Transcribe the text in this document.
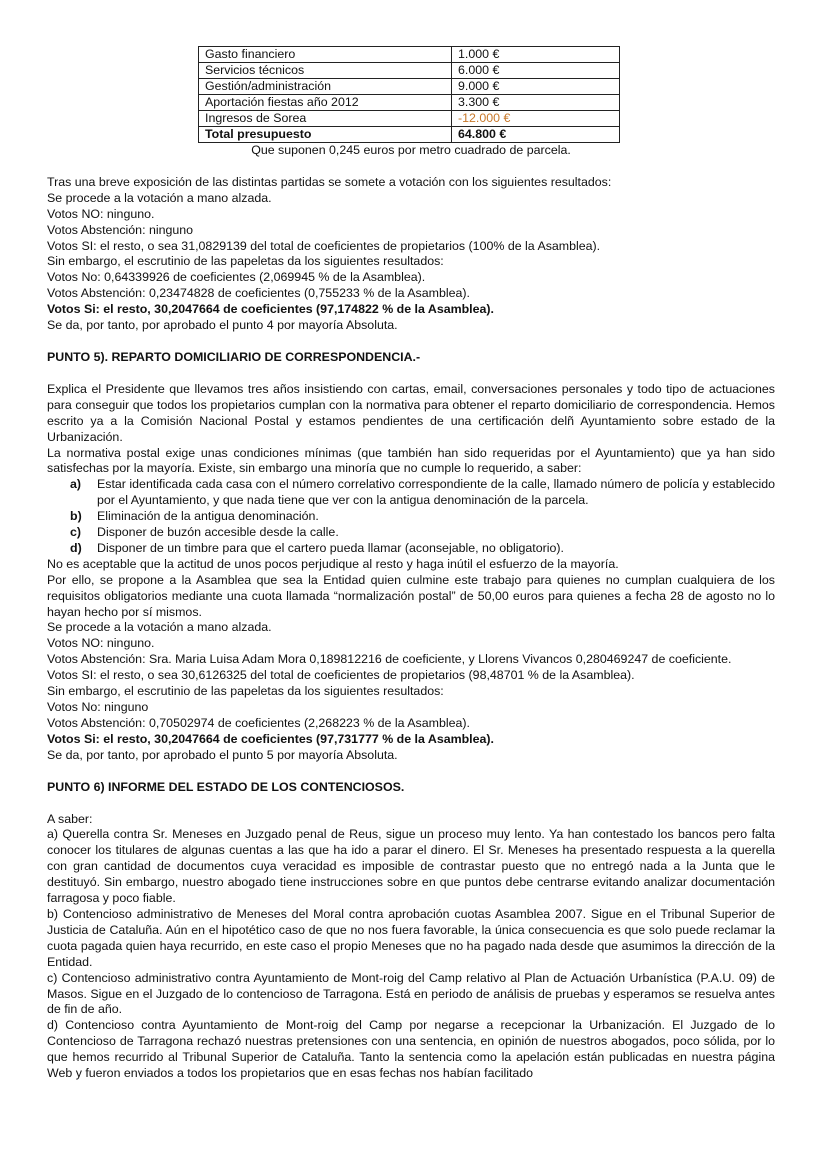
Gasto financiero	1.000 €
Servicios técnicos	6.000 €
Gestión/administración	9.000 €
Aportación fiestas año 2012	3.300 €
Ingresos de Sorea	-12.000 €
Total presupuesto	64.800 €

Que suponen 0,245 euros por metro cuadrado de parcela.

Tras una breve exposición de las distintas partidas se somete a votación con los siguientes resultados:

Se procede a la votación a mano alzada.

Votos NO: ninguno.

Votos Abstención: ninguno

Votos SI: el resto, o sea 31,0829139 del total de coeficientes de propietarios (100% de la Asamblea).

Sin embargo, el escrutinio de las papeletas da los siguientes resultados:

Votos No: 0,64339926 de coeficientes (2,069945 % de la Asamblea).

Votos Abstención: 0,23474828 de coeficientes (0,755233 % de la Asamblea).

Votos Si: el resto, 30,2047664 de coeficientes (97,174822 % de la Asamblea).

Se da, por tanto, por aprobado el punto 4 por mayoría Absoluta.

PUNTO 5). REPARTO DOMICILIARIO DE CORRESPONDENCIA.-

Explica el Presidente que llevamos tres años insistiendo con cartas, email, conversaciones personales y todo tipo de actuaciones para conseguir que todos los propietarios cumplan con la normativa para obtener el reparto domiciliario de correspondencia. Hemos escrito ya a la Comisión Nacional Postal y estamos pendientes de una certificación delñ Ayuntamiento sobre estado de la Urbanización.

La normativa postal exige unas condiciones mínimas (que también han sido requeridas por el Ayuntamiento) que ya han sido satisfechas por la mayoría. Existe, sin embargo una minoría que no cumple lo requerido, a saber:

a) Estar identificada cada casa con el número correlativo correspondiente de la calle, llamado número de policía y establecido por el Ayuntamiento, y que nada tiene que ver con la antigua denominación de la parcela.
b) Eliminación de la antigua denominación.
c) Disponer de buzón accesible desde la calle.
d) Disponer de un timbre para que el cartero pueda llamar (aconsejable, no obligatorio).

No es aceptable que la actitud de unos pocos perjudique al resto y haga inútil el esfuerzo de la mayoría.

Por ello, se propone a la Asamblea que sea la Entidad quien culmine este trabajo para quienes no cumplan cualquiera de los requisitos obligatorios mediante una cuota llamada “normalización postal” de 50,00 euros para quienes a fecha 28 de agosto no lo hayan hecho por sí mismos.

Se procede a la votación a mano alzada.

Votos NO: ninguno.

Votos Abstención: Sra. Maria Luisa Adam Mora 0,189812216 de coeficiente, y Llorens Vivancos 0,280469247 de coeficiente.

Votos SI: el resto, o sea 30,6126325 del total de coeficientes de propietarios (98,48701 % de la Asamblea).

Sin embargo, el escrutinio de las papeletas da los siguientes resultados:

Votos No: ninguno

Votos Abstención: 0,70502974 de coeficientes (2,268223 % de la Asamblea).

Votos Si: el resto, 30,2047664 de coeficientes (97,731777 % de la Asamblea).

Se da, por tanto, por aprobado el punto 5 por mayoría Absoluta.

PUNTO 6) INFORME DEL ESTADO DE LOS CONTENCIOSOS.

A saber:

a) Querella contra Sr. Meneses en Juzgado penal de Reus, sigue un proceso muy lento. Ya han contestado los bancos pero falta conocer los titulares de algunas cuentas a las que ha ido a parar el dinero. El Sr. Meneses ha presentado respuesta a la querella con gran cantidad de documentos cuya veracidad es imposible de contrastar puesto que no entregó nada a la Junta que le destituyó. Sin embargo, nuestro abogado tiene instrucciones sobre en que puntos debe centrarse evitando analizar documentación farragosa y poco fiable.

b) Contencioso administrativo de Meneses del Moral contra aprobación cuotas Asamblea 2007. Sigue en el Tribunal Superior de Justicia de Cataluña. Aún en el hipotético caso de que no nos fuera favorable, la única consecuencia es que solo puede reclamar la cuota pagada quien haya recurrido, en este caso el propio Meneses que no ha pagado nada desde que asumimos la dirección de la Entidad.

c) Contencioso administrativo contra Ayuntamiento de Mont-roig del Camp relativo al Plan de Actuación Urbanística (P.A.U. 09) de Masos. Sigue en el Juzgado de lo contencioso de Tarragona. Está en periodo de análisis de pruebas y esperamos se resuelva antes de fin de año.

d) Contencioso contra Ayuntamiento de Mont-roig del Camp por negarse a recepcionar la Urbanización. El Juzgado de lo Contencioso de Tarragona rechazó nuestras pretensiones con una sentencia, en opinión de nuestros abogados, poco sólida, por lo que hemos recurrido al Tribunal Superior de Cataluña. Tanto la sentencia como la apelación están publicadas en nuestra página Web y fueron enviados a todos los propietarios que en esas fechas nos habían facilitado
